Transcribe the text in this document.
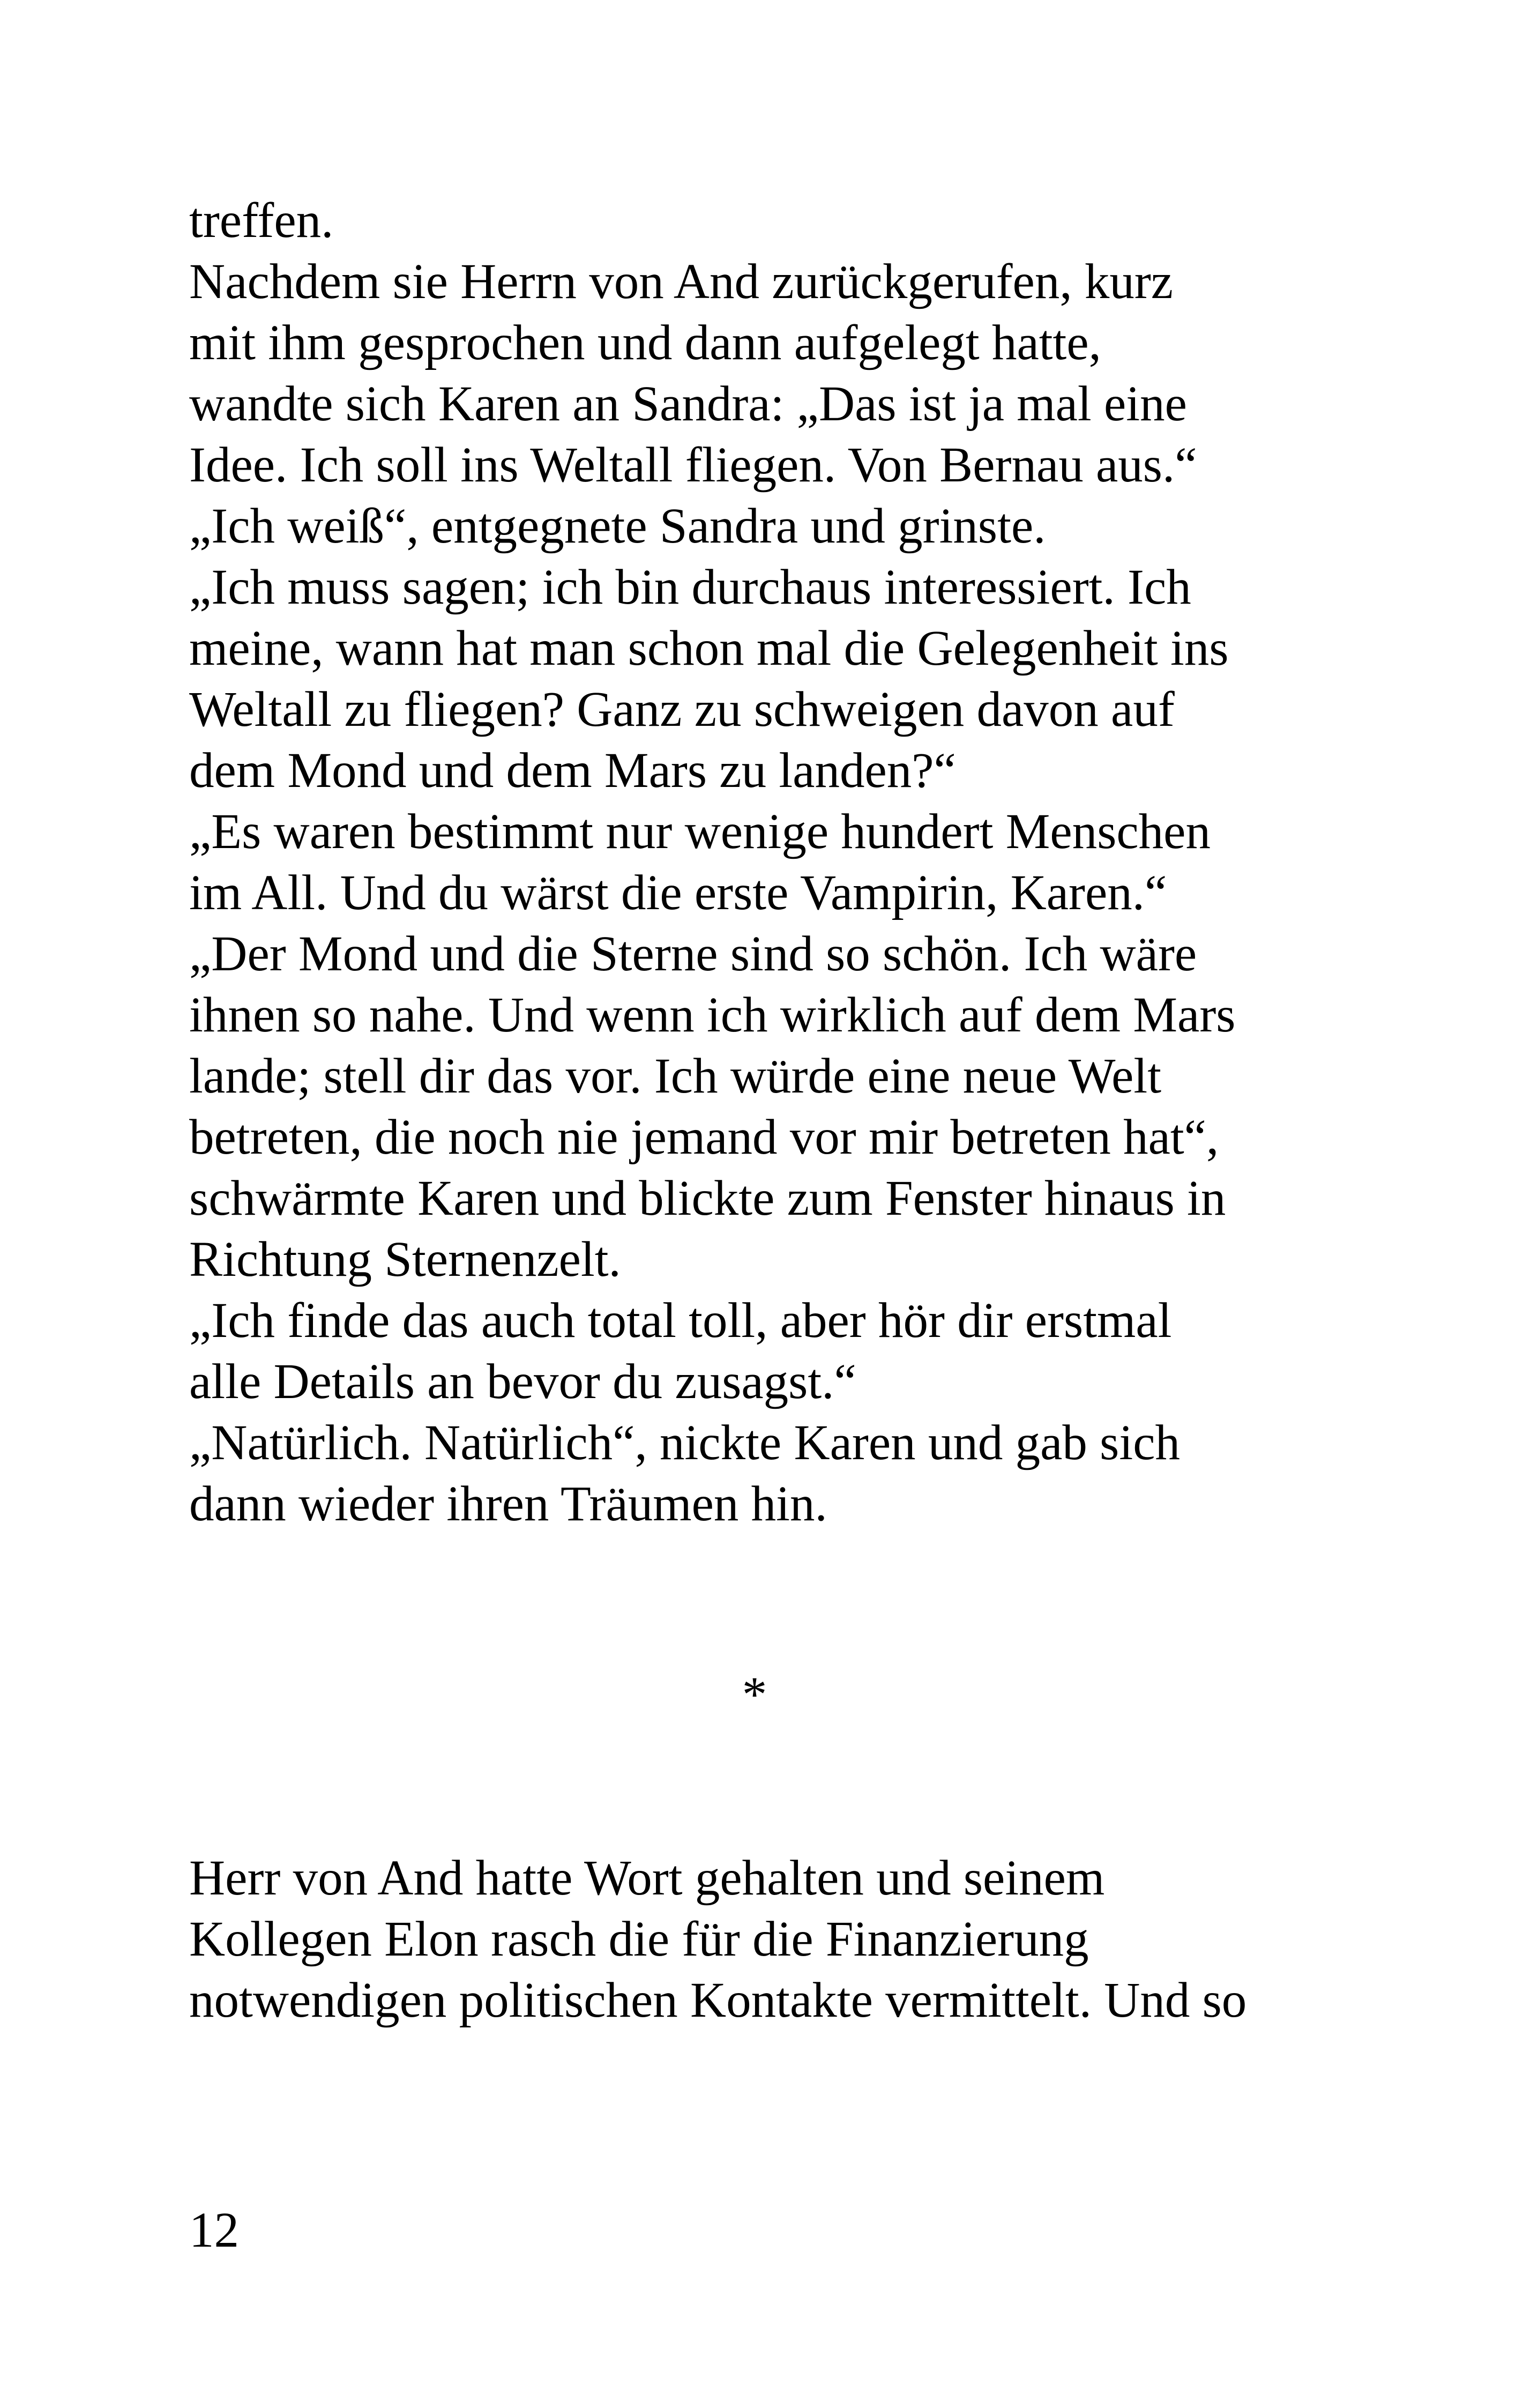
treffen.
Nachdem sie Herrn von And zurückgerufen, kurz
mit ihm gesprochen und dann aufgelegt hatte,
wandte sich Karen an Sandra: „Das ist ja mal eine
Idee. Ich soll ins Weltall fliegen. Von Bernau aus.“
„Ich weiß“, entgegnete Sandra und grinste.
„Ich muss sagen; ich bin durchaus interessiert. Ich
meine, wann hat man schon mal die Gelegenheit ins
Weltall zu fliegen? Ganz zu schweigen davon auf
dem Mond und dem Mars zu landen?“
„Es waren bestimmt nur wenige hundert Menschen
im All. Und du wärst die erste Vampirin, Karen.“
„Der Mond und die Sterne sind so schön. Ich wäre
ihnen so nahe. Und wenn ich wirklich auf dem Mars
lande; stell dir das vor. Ich würde eine neue Welt
betreten, die noch nie jemand vor mir betreten hat“,
schwärmte Karen und blickte zum Fenster hinaus in
Richtung Sternenzelt.
„Ich finde das auch total toll, aber hör dir erstmal
alle Details an bevor du zusagst.“
„Natürlich. Natürlich“, nickte Karen und gab sich
dann wieder ihren Träumen hin.
*
Herr von And hatte Wort gehalten und seinem
Kollegen Elon rasch die für die Finanzierung
notwendigen politischen Kontakte vermittelt. Und so
12
